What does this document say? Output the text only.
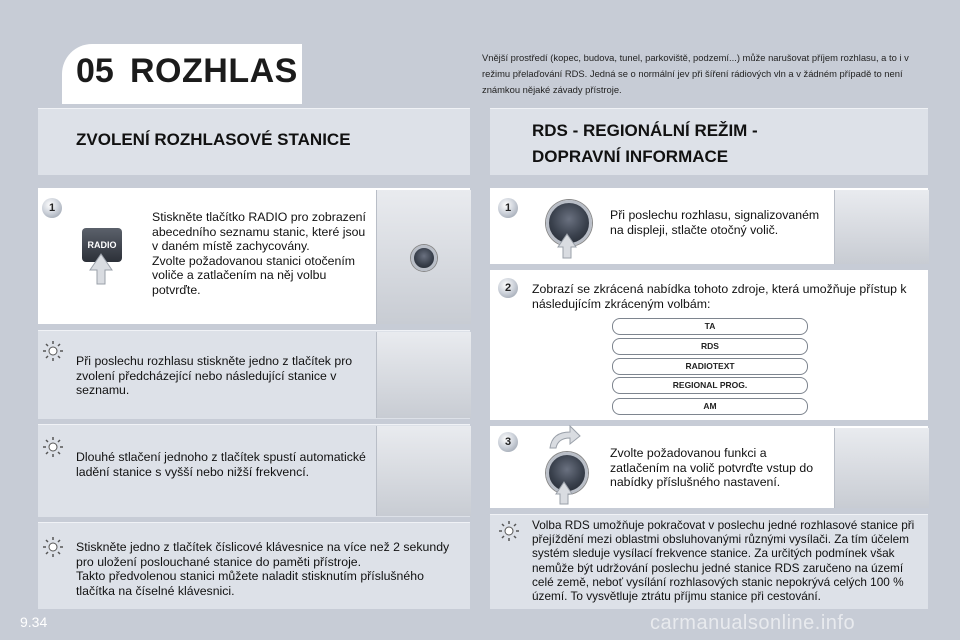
05 ROZHLAS	Vnější prostředí (kopec, budova, tunel, parkoviště, podzemí...) může narušovat příjem rozhlasu, a to i v režimu přelaďování RDS. Jedná se o normální jev při šíření rádiových vln a v žádném případě to není známkou nějaké závady přístroje.
ZVOLENÍ ROZHLASOVÉ STANICE
1
RADIO
Stiskněte tlačítko RADIO pro zobrazení abecedního seznamu stanic, které jsou v daném místě zachycovány.
Zvolte požadovanou stanici otočením voliče a zatlačením na něj volbu potvrďte.
Při poslechu rozhlasu stiskněte jedno z tlačítek pro zvolení předcházející nebo následující stanice v seznamu.
Dlouhé stlačení jednoho z tlačítek spustí automatické ladění stanice s vyšší nebo nižší frekvencí.
Stiskněte jedno z tlačítek číslicové klávesnice na více než 2 sekundy pro uložení poslouchané stanice do paměti přístroje.
Takto předvolenou stanici můžete naladit stisknutím příslušného tlačítka na číselné klávesnici.
RDS - REGIONÁLNÍ REŽIM - DOPRAVNÍ INFORMACE
1	Při poslechu rozhlasu, signalizovaném na displeji, stlačte otočný volič.
2	Zobrazí se zkrácená nabídka tohoto zdroje, která umožňuje přístup k následujícím zkráceným volbám:
TA
RDS
RADIOTEXT
REGIONAL PROG.
AM
3
Zvolte požadovanou funkci a zatlačením na volič potvrďte vstup do nabídky příslušného nastavení.
Volba RDS umožňuje pokračovat v poslechu jedné rozhlasové stanice při přejíždění mezi oblastmi obsluhovanými různými vysílači. Za tím účelem systém sleduje vysílací frekvence stanice. Za určitých podmínek však nemůže být udržování poslechu jedné stanice RDS zaručeno na území celé země, neboť vysílání rozhlasových stanic nepokrývá celých 100 % území. To vysvětluje ztrátu příjmu stanice při cestování.
9.34	carmanualsonline.info
